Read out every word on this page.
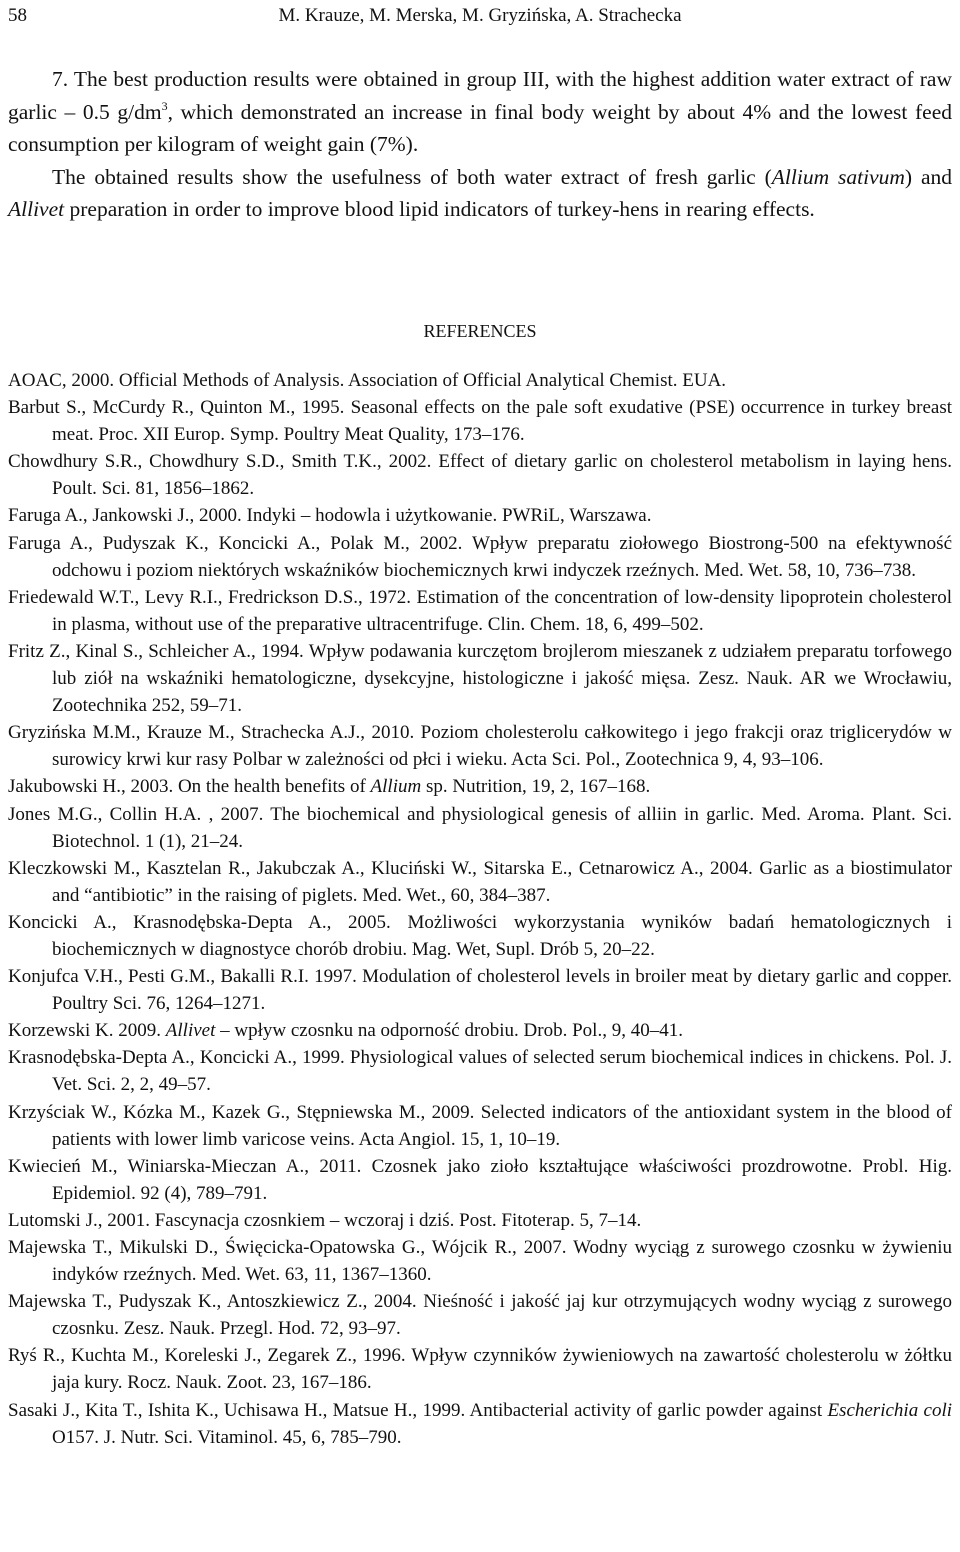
58	M. Krauze, M. Merska, M. Gryzińska, A. Strachecka

7. The best production results were obtained in group III, with the highest addition water extract of raw garlic – 0.5 $g/dm^3$, which demonstrated an increase in final body weight by about 4% and the lowest feed consumption per kilogram of weight gain (7%).

The obtained results show the usefulness of both water extract of fresh garlic (Allium sativum) and Allivet preparation in order to improve blood lipid indicators of turkey-hens in rearing effects.

REFERENCES
AOAC, 2000. Official Methods of Analysis. Association of Official Analytical Chemist. EUA.
Barbut S., McCurdy R., Quinton M., 1995. Seasonal effects on the pale soft exudative (PSE) occurrence in turkey breast meat. Proc. XII Europ. Symp. Poultry Meat Quality, 173–176.
Chowdhury S.R., Chowdhury S.D., Smith T.K., 2002. Effect of dietary garlic on cholesterol metabolism in laying hens. Poult. Sci. 81, 1856–1862.
Faruga A., Jankowski J., 2000. Indyki – hodowla i użytkowanie. PWRiL, Warszawa.
Faruga A., Pudyszak K., Koncicki A., Polak M., 2002. Wpływ preparatu ziołowego Biostrong-500 na efektywność odchowu i poziom niektórych wskaźników biochemicznych krwi indyczek rzeźnych. Med. Wet. 58, 10, 736–738.
Friedewald W.T., Levy R.I., Fredrickson D.S., 1972. Estimation of the concentration of low-density lipoprotein cholesterol in plasma, without use of the preparative ultracentrifuge. Clin. Chem. 18, 6, 499–502.
Fritz Z., Kinal S., Schleicher A., 1994. Wpływ podawania kurczętom brojlerom mieszanek z udziałem preparatu torfowego lub ziół na wskaźniki hematologiczne, dysekcyjne, histologiczne i jakość mięsa. Zesz. Nauk. AR we Wrocławiu, Zootechnika 252, 59–71.
Gryzińska M.M., Krauze M., Strachecka A.J., 2010. Poziom cholesterolu całkowitego i jego frakcji oraz triglicerydów w surowicy krwi kur rasy Polbar w zależności od płci i wieku. Acta Sci. Pol., Zootechnica 9, 4, 93–106.
Jakubowski H., 2003. On the health benefits of Allium sp. Nutrition, 19, 2, 167–168.
Jones M.G., Collin H.A. , 2007. The biochemical and physiological genesis of alliin in garlic. Med. Aroma. Plant. Sci. Biotechnol. 1 (1), 21–24.
Kleczkowski M., Kasztelan R., Jakubczak A., Kluciński W., Sitarska E., Cetnarowicz A., 2004. Garlic as a biostimulator and “antibiotic” in the raising of piglets. Med. Wet., 60, 384–387.
Koncicki A., Krasnodębska-Depta A., 2005. Możliwości wykorzystania wyników badań hematologicznych i biochemicznych w diagnostyce chorób drobiu. Mag. Wet, Supl. Drób 5, 20–22.
Konjufca V.H., Pesti G.M., Bakalli R.I. 1997. Modulation of cholesterol levels in broiler meat by dietary garlic and copper. Poultry Sci. 76, 1264–1271.
Korzewski K. 2009. Allivet – wpływ czosnku na odporność drobiu. Drob. Pol., 9, 40–41.
Krasnodębska-Depta A., Koncicki A., 1999. Physiological values of selected serum biochemical indices in chickens. Pol. J. Vet. Sci. 2, 2, 49–57.
Krzyściak W., Kózka M., Kazek G., Stępniewska M., 2009. Selected indicators of the antioxidant system in the blood of patients with lower limb varicose veins. Acta Angiol. 15, 1, 10–19.
Kwiecień M., Winiarska-Mieczan A., 2011. Czosnek jako zioło kształtujące właściwości prozdrowotne. Probl. Hig. Epidemiol. 92 (4), 789–791.
Lutomski J., 2001. Fascynacja czosnkiem – wczoraj i dziś. Post. Fitoterap. 5, 7–14.
Majewska T., Mikulski D., Święcicka-Opatowska G., Wójcik R., 2007. Wodny wyciąg z surowego czosnku w żywieniu indyków rzeźnych. Med. Wet. 63, 11, 1367–1360.
Majewska T., Pudyszak K., Antoszkiewicz Z., 2004. Nieśność i jakość jaj kur otrzymujących wodny wyciąg z surowego czosnku. Zesz. Nauk. Przegl. Hod. 72, 93–97.
Ryś R., Kuchta M., Koreleski J., Zegarek Z., 1996. Wpływ czynników żywieniowych na zawartość cholesterolu w żółtku jaja kury. Rocz. Nauk. Zoot. 23, 167–186.
Sasaki J., Kita T., Ishita K., Uchisawa H., Matsue H., 1999. Antibacterial activity of garlic powder against Escherichia coli O157. J. Nutr. Sci. Vitaminol. 45, 6, 785–790.
